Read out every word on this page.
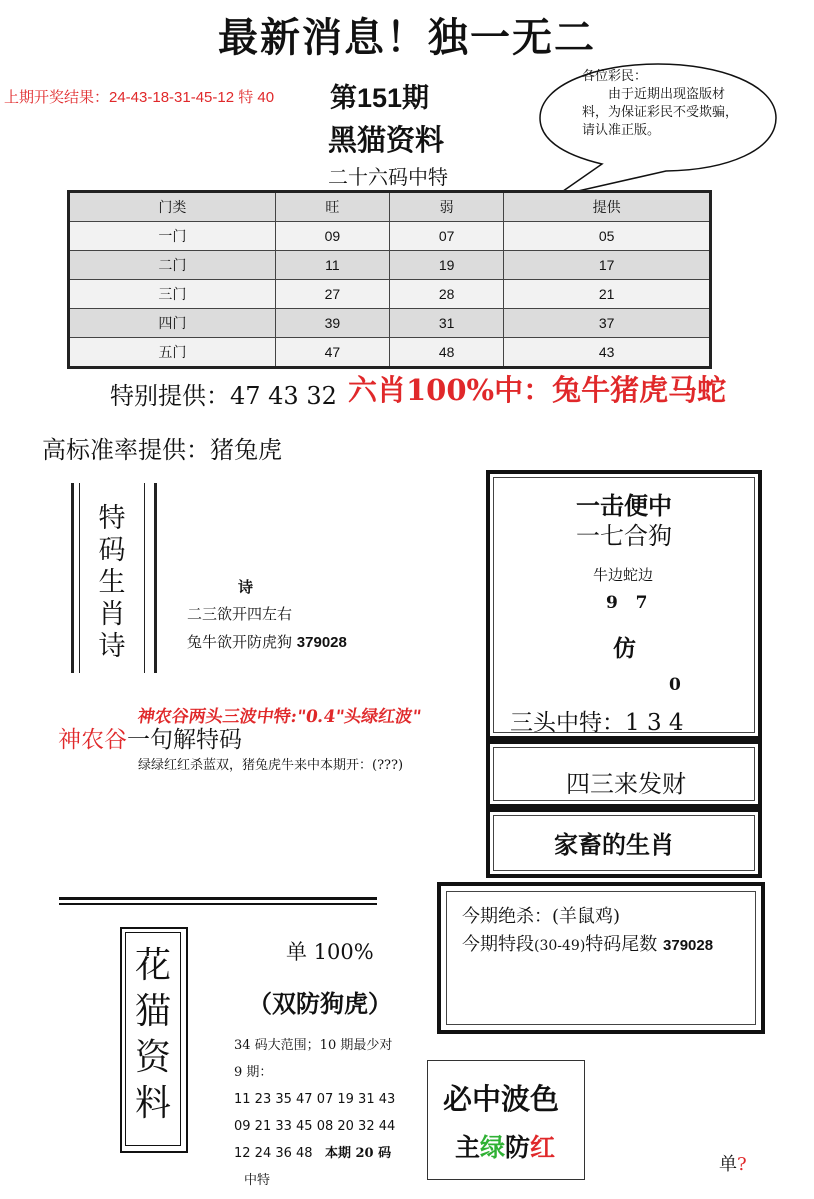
最新消息！独一无二
上期开奖结果：24-43-18-31-45-12 特 40 第151期
黑猫资料
二十六码中特
各位彩民：
由于近期出现盗版材料，为保证彩民不受欺骗，请认准正版。
门类	旺	弱	提供
一门	09	07	05
二门	11	19	17
三门	27	28	21
四门	39	31	37
五门	47	48	43
特别提供：47 43 32 六肖100%中：兔牛猪虎马蛇
高标准率提供：猪兔虎
特
码
生
肖
诗
诗
二三欲开四左右
兔牛欲开防虎狗 379028
神农谷两头三波中特:"0.4"头绿红波"
神农谷一句解特码
绿绿红红杀蓝双，猪兔虎牛来中本期开：(???)
一击便中
一七合狗
牛边蛇边
9  7
仿
0
三头中特：1 3 4
四三来发财
家畜的生肖
今期绝杀：(羊鼠鸡)
今期特段(30-49)特码尾数 379028
花
猫
资
料
单 100%
（双防狗虎）
34 码大范围；10 期最少对
9 期：
11 23 35 47 07 19 31 43
09 21 33 45 08 20 32 44
12 24 36 48 本期 20 码
中特
必中波色
主绿防红
单?
